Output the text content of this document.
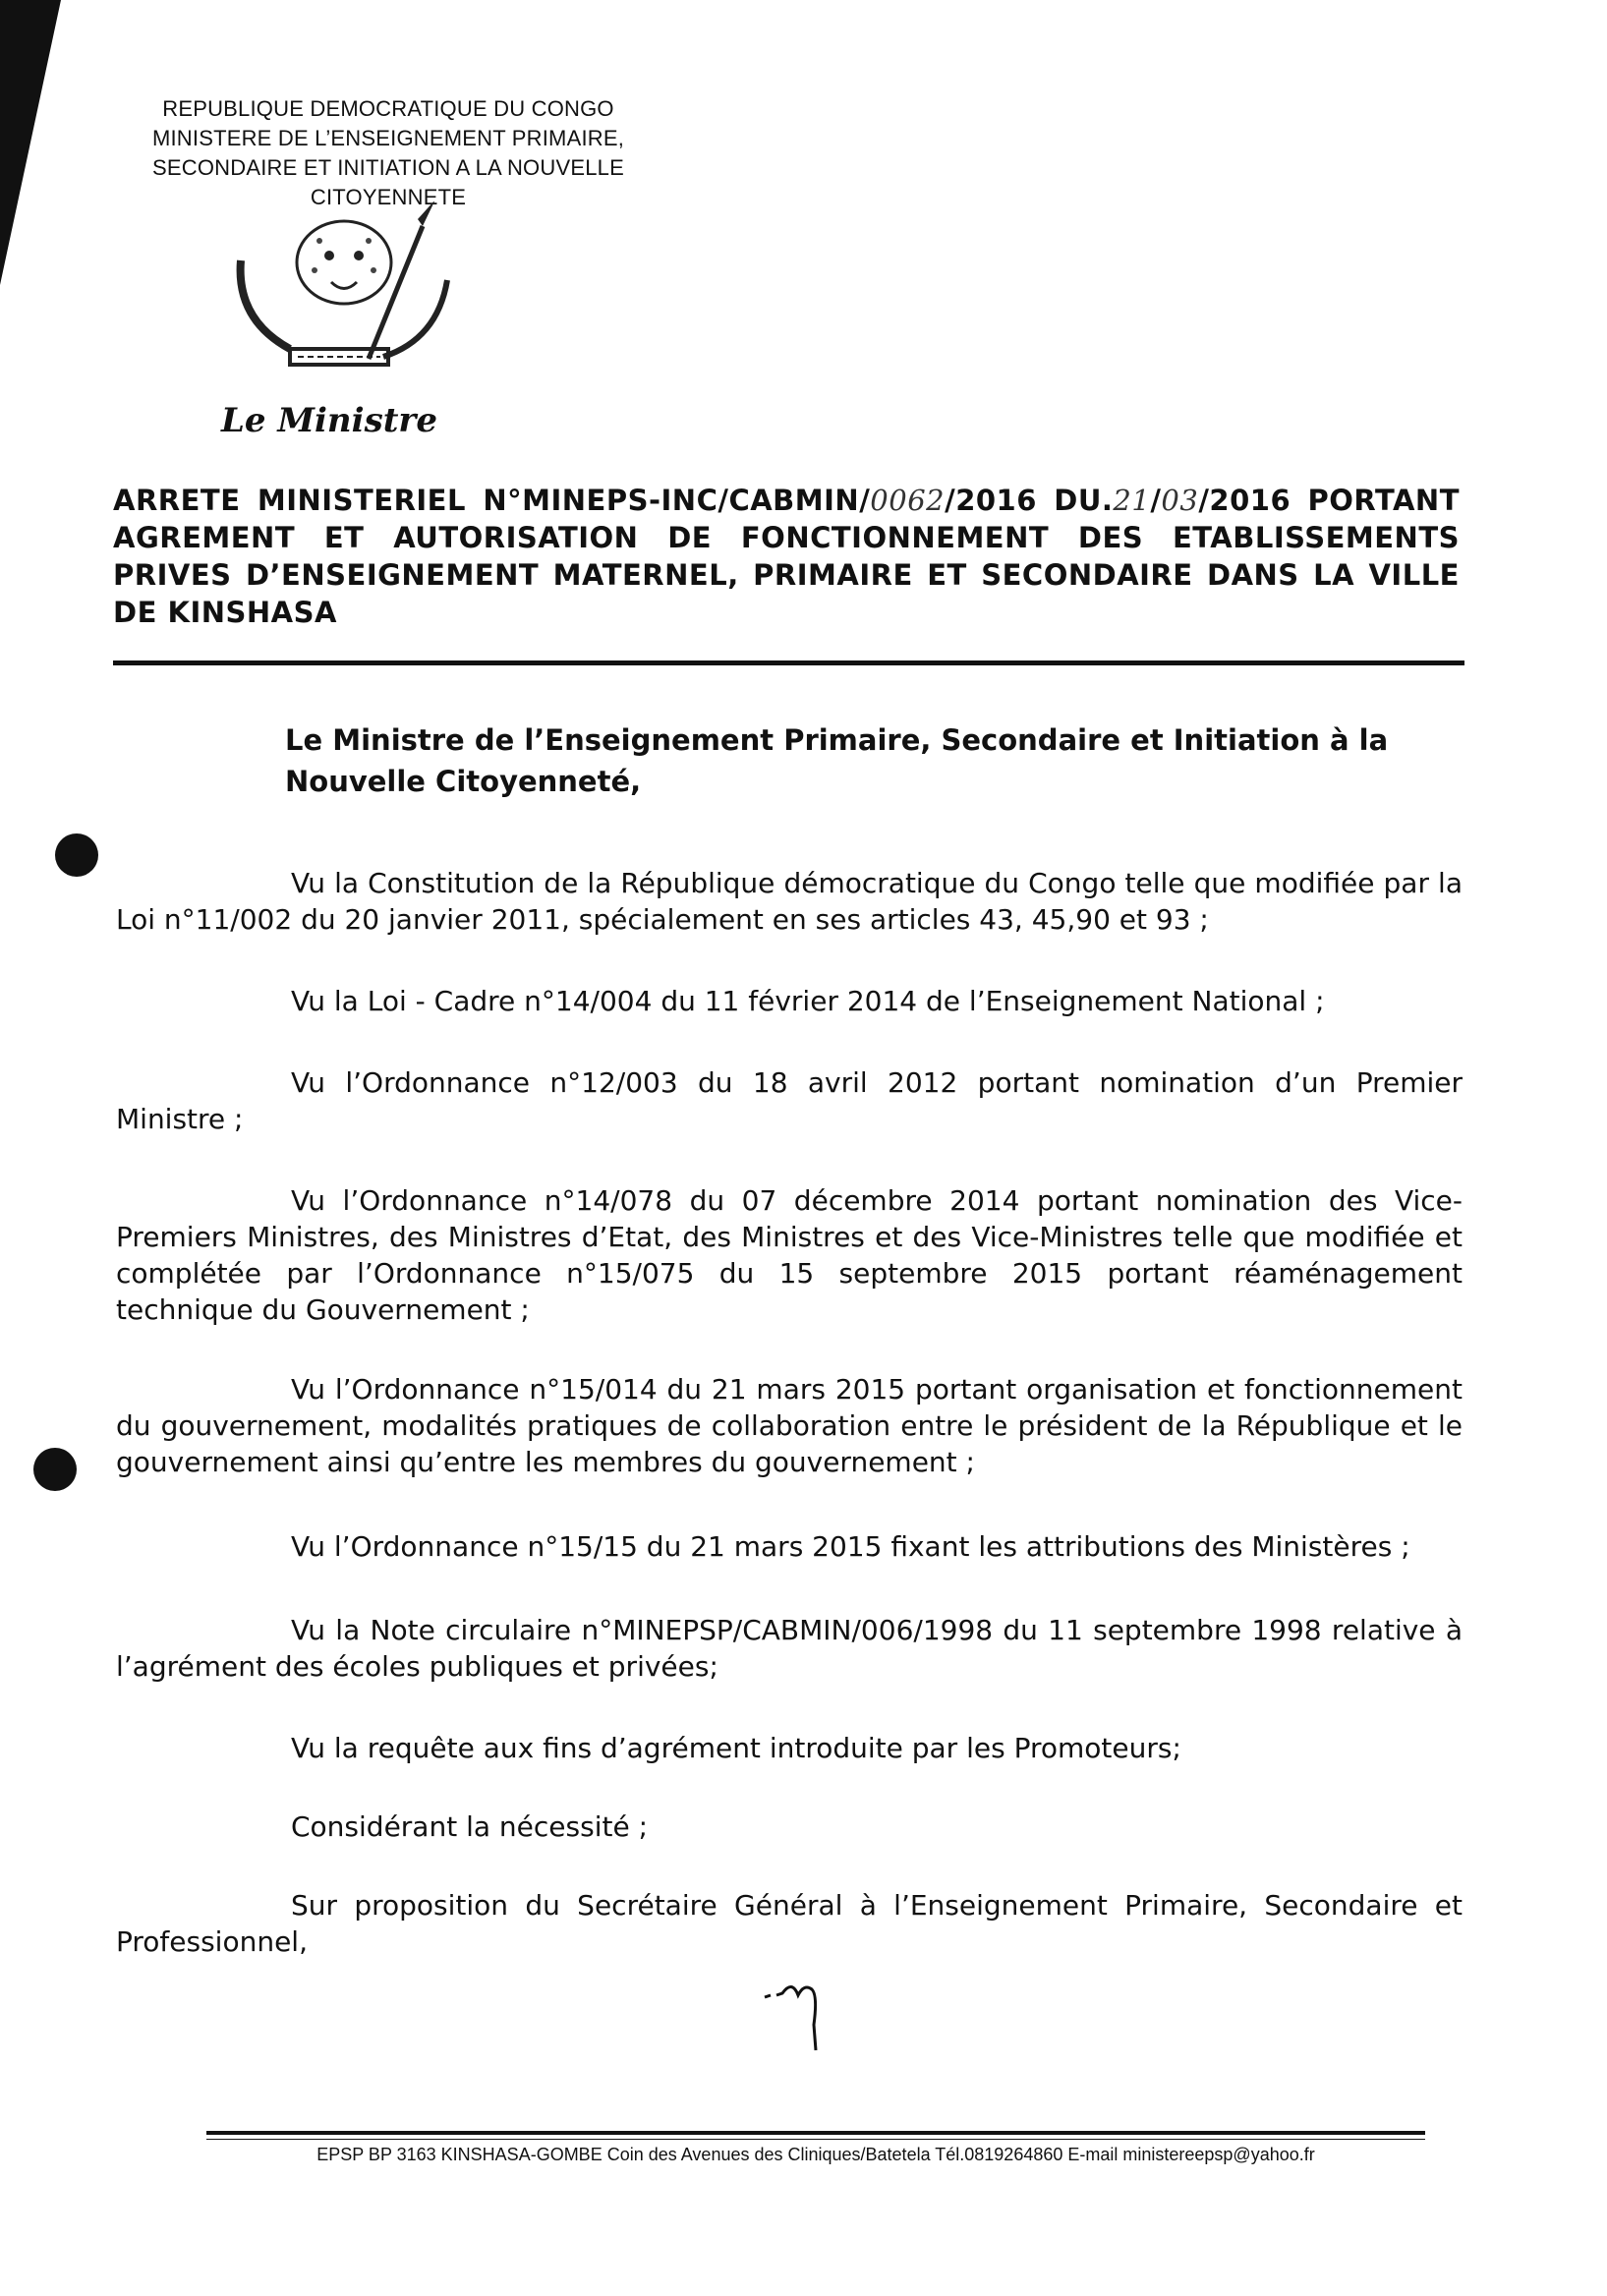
REPUBLIQUE DEMOCRATIQUE DU CONGO
MINISTERE DE L’ENSEIGNEMENT PRIMAIRE,
SECONDAIRE ET INITIATION A LA NOUVELLE
CITOYENNETE
Le Ministre
ARRETE MINISTERIEL N°MINEPS-INC/CABMIN/0062/2016 DU.21/03/2016 PORTANT AGREMENT ET AUTORISATION DE FONCTIONNEMENT DES ETABLISSEMENTS PRIVES D’ENSEIGNEMENT MATERNEL, PRIMAIRE ET SECONDAIRE DANS LA VILLE DE KINSHASA
Le Ministre de l’Enseignement Primaire, Secondaire et Initiation à la Nouvelle Citoyenneté,
Vu la Constitution de la République démocratique du Congo telle que modifiée par la Loi n°11/002 du 20 janvier 2011, spécialement en ses articles 43, 45,90 et 93 ;
Vu la Loi - Cadre n°14/004 du 11 février 2014 de l’Enseignement National ;
Vu l’Ordonnance n°12/003 du 18 avril 2012 portant nomination d’un Premier Ministre ;
Vu l’Ordonnance n°14/078 du 07 décembre 2014 portant nomination des Vice-Premiers Ministres, des Ministres d’Etat, des Ministres et des Vice-Ministres telle que modifiée et complétée par l’Ordonnance n°15/075 du 15 septembre 2015 portant réaménagement technique du Gouvernement ;
Vu l’Ordonnance n°15/014 du 21 mars 2015 portant organisation et fonctionnement du gouvernement, modalités pratiques de collaboration entre le président de la République et le gouvernement ainsi qu’entre les membres du gouvernement ;
Vu l’Ordonnance n°15/15 du 21 mars 2015 fixant les attributions des Ministères ;
Vu la Note circulaire n°MINEPSP/CABMIN/006/1998 du 11 septembre 1998 relative à l’agrément des écoles publiques et privées;
Vu la requête aux fins d’agrément introduite par les Promoteurs;
Considérant la nécessité ;
Sur proposition du Secrétaire Général à l’Enseignement Primaire, Secondaire et Professionnel,
EPSP BP 3163 KINSHASA-GOMBE Coin des Avenues des Cliniques/Batetela Tél.0819264860 E-mail ministereepsp@yahoo.fr
